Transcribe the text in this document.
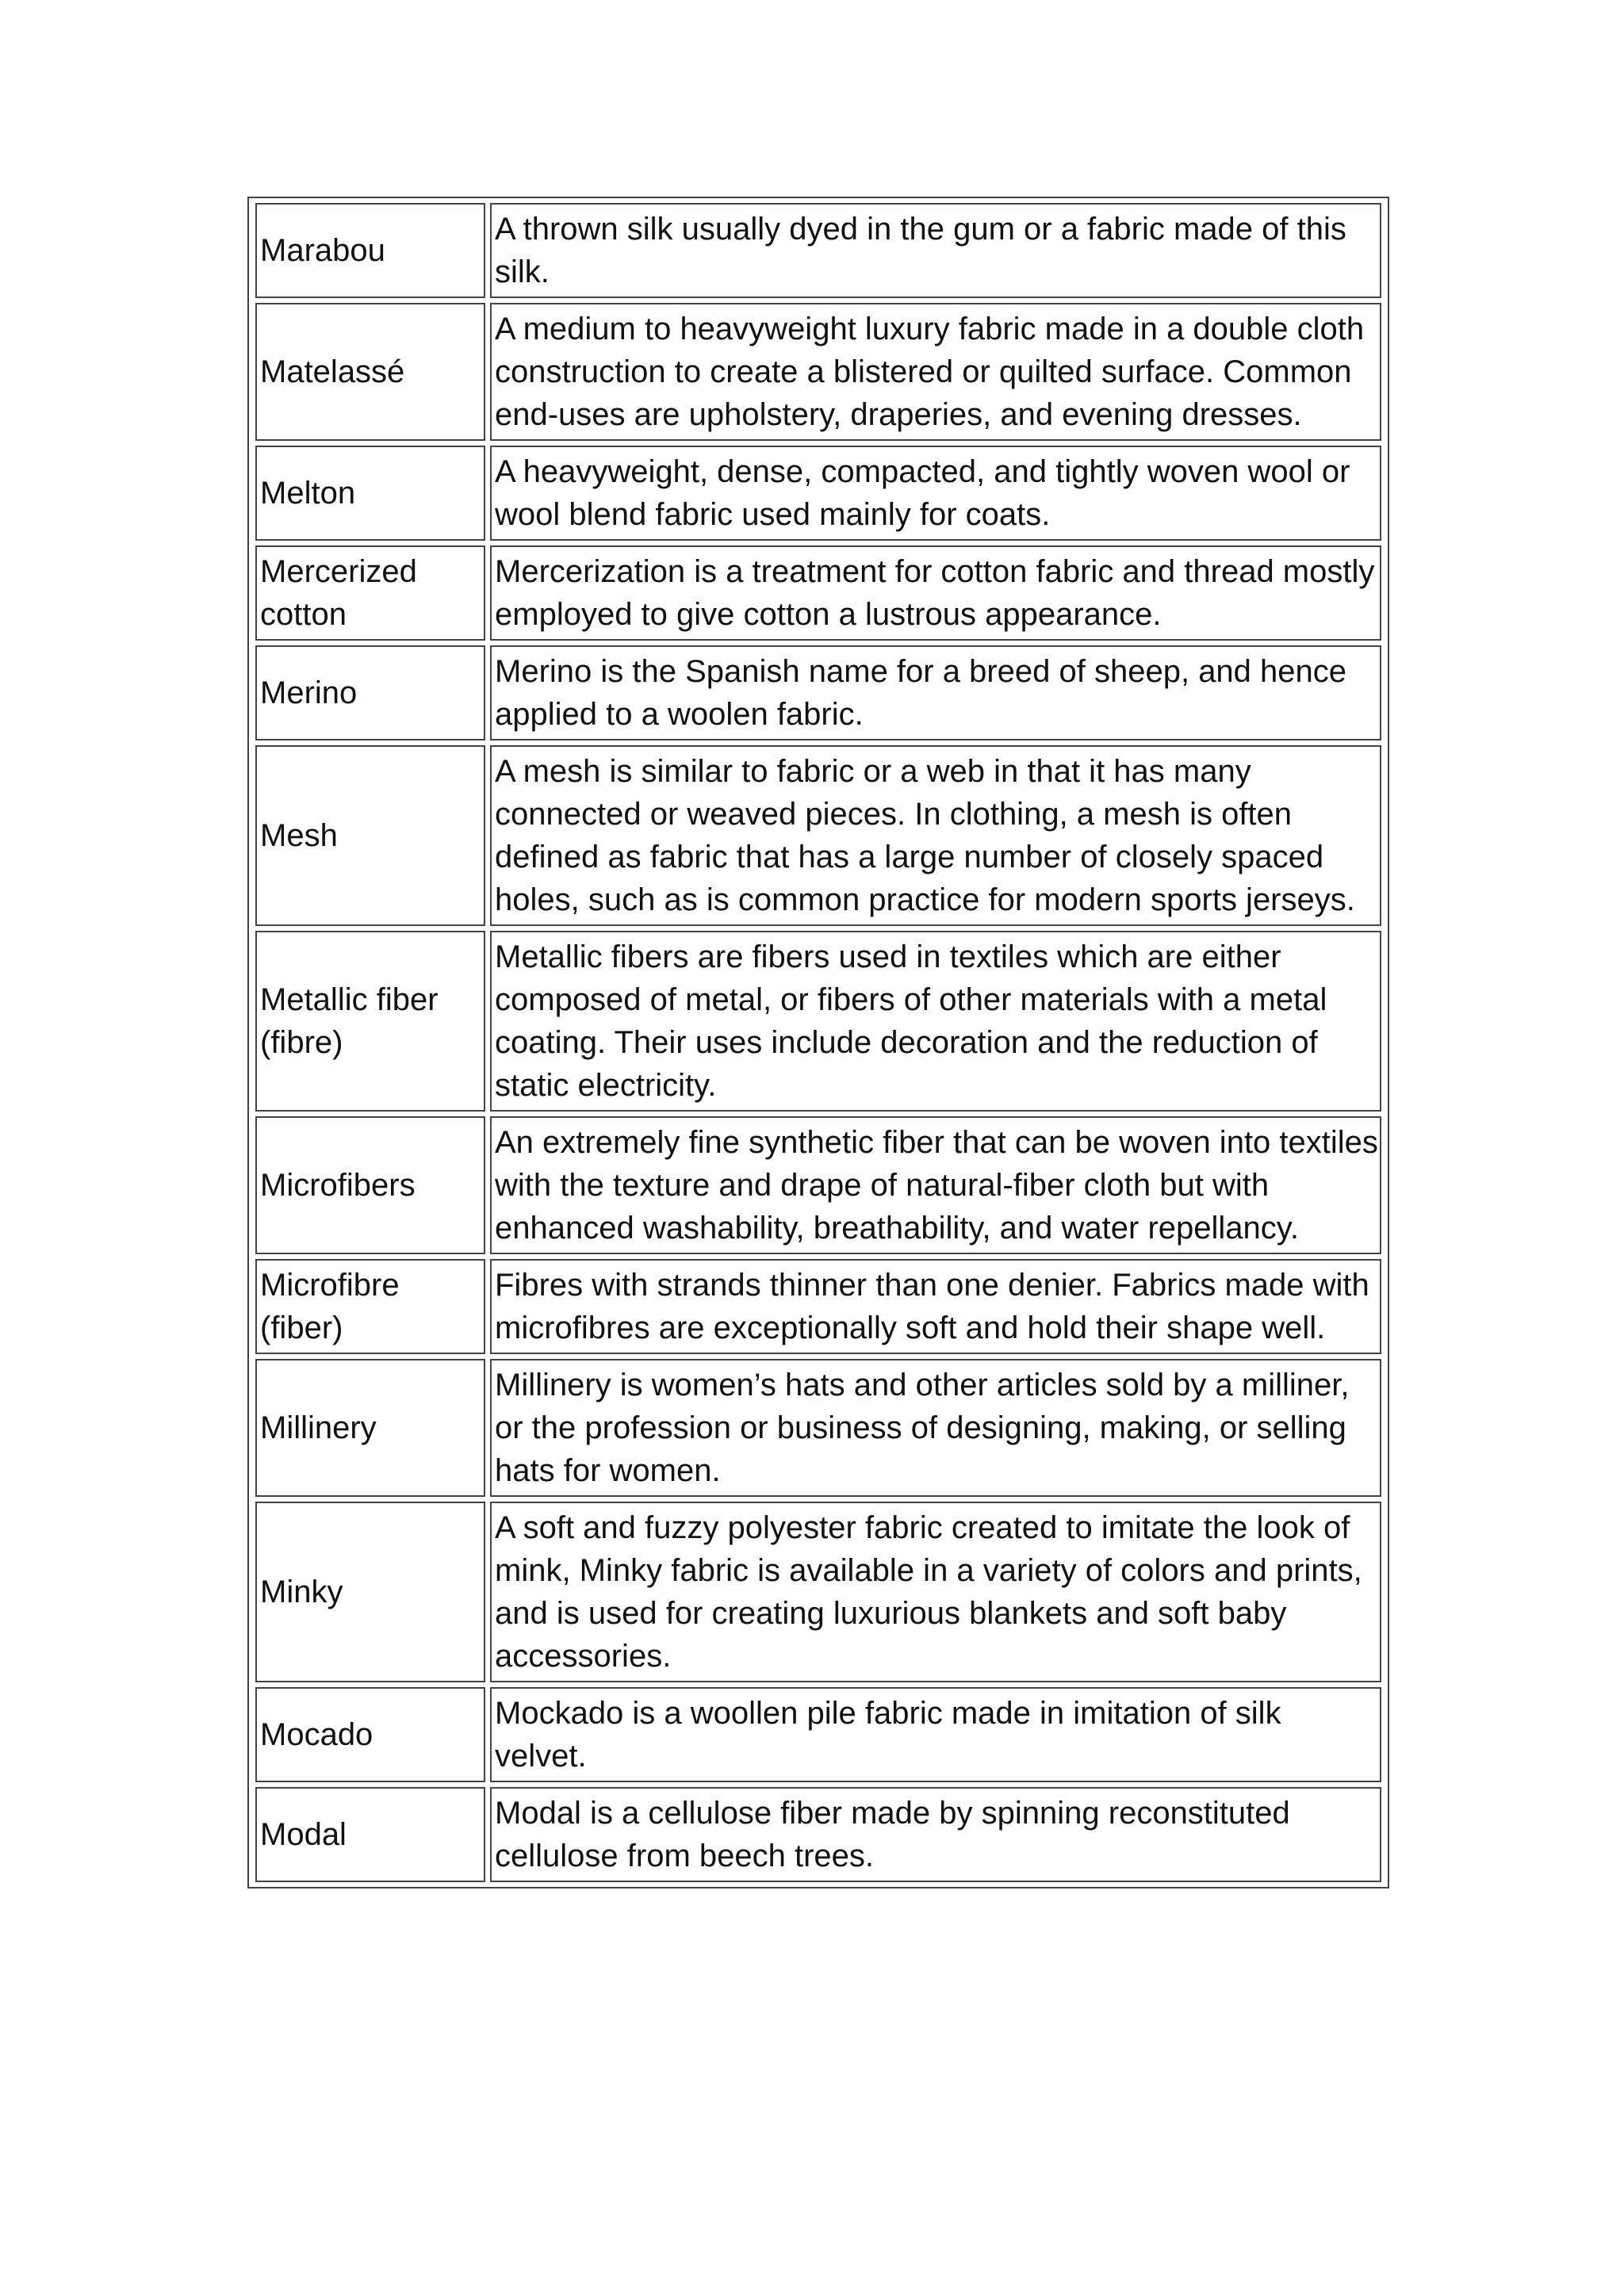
Marabou	A thrown silk usually dyed in the gum or a fabric made of this silk.
Matelassé	A medium to heavyweight luxury fabric made in a double cloth construction to create a blistered or quilted surface. Common end-uses are upholstery, draperies, and evening dresses.
Melton	A heavyweight, dense, compacted, and tightly woven wool or wool blend fabric used mainly for coats.
Mercerized cotton	Mercerization is a treatment for cotton fabric and thread mostly employed to give cotton a lustrous appearance.
Merino	Merino is the Spanish name for a breed of sheep, and hence applied to a woolen fabric.
Mesh	A mesh is similar to fabric or a web in that it has many connected or weaved pieces. In clothing, a mesh is often defined as fabric that has a large number of closely spaced holes, such as is common practice for modern sports jerseys.
Metallic fiber (fibre)	Metallic fibers are fibers used in textiles which are either composed of metal, or fibers of other materials with a metal coating. Their uses include decoration and the reduction of static electricity.
Microfibers	An extremely fine synthetic fiber that can be woven into textiles with the texture and drape of natural-fiber cloth but with enhanced washability, breathability, and water repellancy.
Microfibre (fiber)	Fibres with strands thinner than one denier. Fabrics made with microfibres are exceptionally soft and hold their shape well.
Millinery	Millinery is women’s hats and other articles sold by a milliner, or the profession or business of designing, making, or selling hats for women.
Minky	A soft and fuzzy polyester fabric created to imitate the look of mink, Minky fabric is available in a variety of colors and prints, and is used for creating luxurious blankets and soft baby accessories.
Mocado	Mockado is a woollen pile fabric made in imitation of silk velvet.
Modal	Modal is a cellulose fiber made by spinning reconstituted cellulose from beech trees.
